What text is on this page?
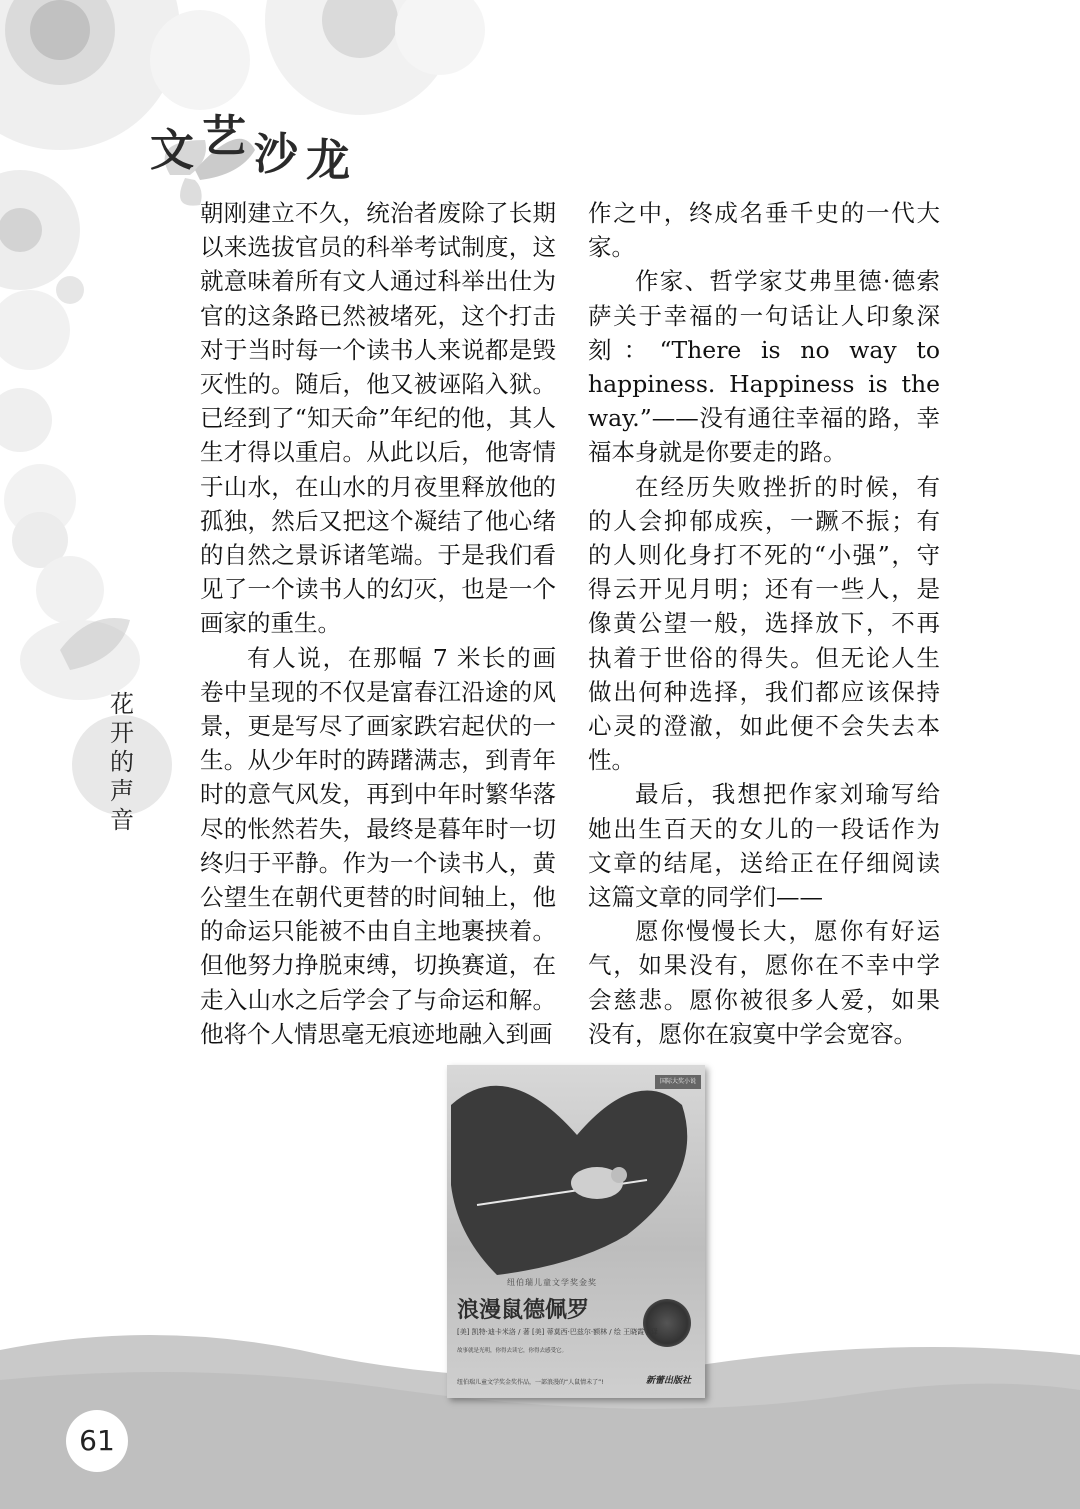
文 艺 沙 龙
花
开
的
声
音

朝刚建立不久，统治者废除了长期以来选拔官员的科举考试制度，这就意味着所有文人通过科举出仕为官的这条路已然被堵死，这个打击对于当时每一个读书人来说都是毁灭性的。随后，他又被诬陷入狱。已经到了“知天命”年纪的他，其人生才得以重启。从此以后，他寄情于山水，在山水的月夜里释放他的孤独，然后又把这个凝结了他心绪的自然之景诉诸笔端。于是我们看见了一个读书人的幻灭，也是一个画家的重生。

有人说，在那幅 7 米长的画卷中呈现的不仅是富春江沿途的风景，更是写尽了画家跌宕起伏的一生。从少年时的踌躇满志，到青年时的意气风发，再到中年时繁华落尽的怅然若失，最终是暮年时一切终归于平静。作为一个读书人，黄公望生在朝代更替的时间轴上，他的命运只能被不由自主地裹挟着。但他努力挣脱束缚，切换赛道，在走入山水之后学会了与命运和解。他将个人情思毫无痕迹地融入到画

作之中，终成名垂千史的一代大家。

作家、哲学家艾弗里德·德索萨关于幸福的一句话让人印象深刻：“There is no way to happiness. Happiness is the way.”——没有通往幸福的路，幸福本身就是你要走的路。

在经历失败挫折的时候，有的人会抑郁成疾，一蹶不振；有的人则化身打不死的“小强”，守得云开见月明；还有一些人，是像黄公望一般，选择放下，不再执着于世俗的得失。但无论人生做出何种选择，我们都应该保持心灵的澄澈，如此便不会失去本性。

最后，我想把作家刘瑜写给她出生百天的女儿的一段话作为文章的结尾，送给正在仔细阅读这篇文章的同学们——

愿你慢慢长大，愿你有好运气，如果没有，愿你在不幸中学会慈悲。愿你被很多人爱，如果没有，愿你在寂寞中学会宽容。

国际大奖小说
纽伯瑞儿童文学奖金奖
浪漫鼠德佩罗
[美] 凯特·迪卡米洛 / 著 [美] 蒂莫西·巴兹尔·额林 / 绘 王晓霞 / 译
故事就是光明，你得去读它，你得去感受它。
纽伯瑞儿童文学奖金奖作品，一部浪漫的“人鼠情未了”!	新蕾出版社
61
